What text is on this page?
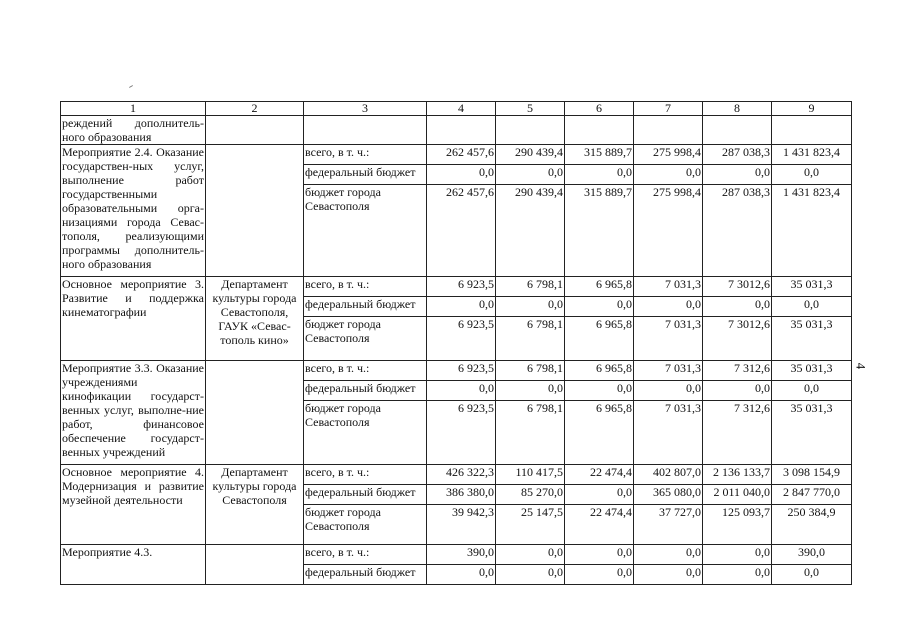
4
1	2	3	4	5	6	7	8	9
реждений дополнитель-ного образования								
Мероприятие 2.4. Оказание государствен-ных услуг, выполнение работ государственными образовательными орга-низациями города Севас-тополя, реализующими программы дополнитель-ного образования		всего, в т. ч.:	262 457,6	290 439,4	315 889,7	275 998,4	287 038,3	1 431 823,4
		федеральный бюджет	0,0	0,0	0,0	0,0	0,0	0,0
		бюджет города Севастополя	262 457,6	290 439,4	315 889,7	275 998,4	287 038,3	1 431 823,4
Основное мероприятие 3. Развитие и поддержка кинематографии	Департамент культуры города Севастополя, ГАУК «Севас-тополь кино»	всего, в т. ч.:	6 923,5	6 798,1	6 965,8	7 031,3	7 3012,6	35 031,3
		федеральный бюджет	0,0	0,0	0,0	0,0	0,0	0,0
		бюджет города Севастополя	6 923,5	6 798,1	6 965,8	7 031,3	7 3012,6	35 031,3
Мероприятие 3.3. Оказание учреждениями кинофикации государст-венных услуг, выполне-ние работ, финансовое обеспечение государст-венных учреждений		всего, в т. ч.:	6 923,5	6 798,1	6 965,8	7 031,3	7 312,6	35 031,3
		федеральный бюджет	0,0	0,0	0,0	0,0	0,0	0,0
		бюджет города Севастополя	6 923,5	6 798,1	6 965,8	7 031,3	7 312,6	35 031,3
Основное мероприятие 4. Модернизация и развитие музейной деятельности	Департамент культуры города Севастополя	всего, в т. ч.:	426 322,3	110 417,5	22 474,4	402 807,0	2 136 133,7	3 098 154,9
		федеральный бюджет	386 380,0	85 270,0	0,0	365 080,0	2 011 040,0	2 847 770,0
		бюджет города Севастополя	39 942,3	25 147,5	22 474,4	37 727,0	125 093,7	250 384,9
Мероприятие 4.3.		всего, в т. ч.:	390,0	0,0	0,0	0,0	0,0	390,0
		федеральный бюджет	0,0	0,0	0,0	0,0	0,0	0,0
